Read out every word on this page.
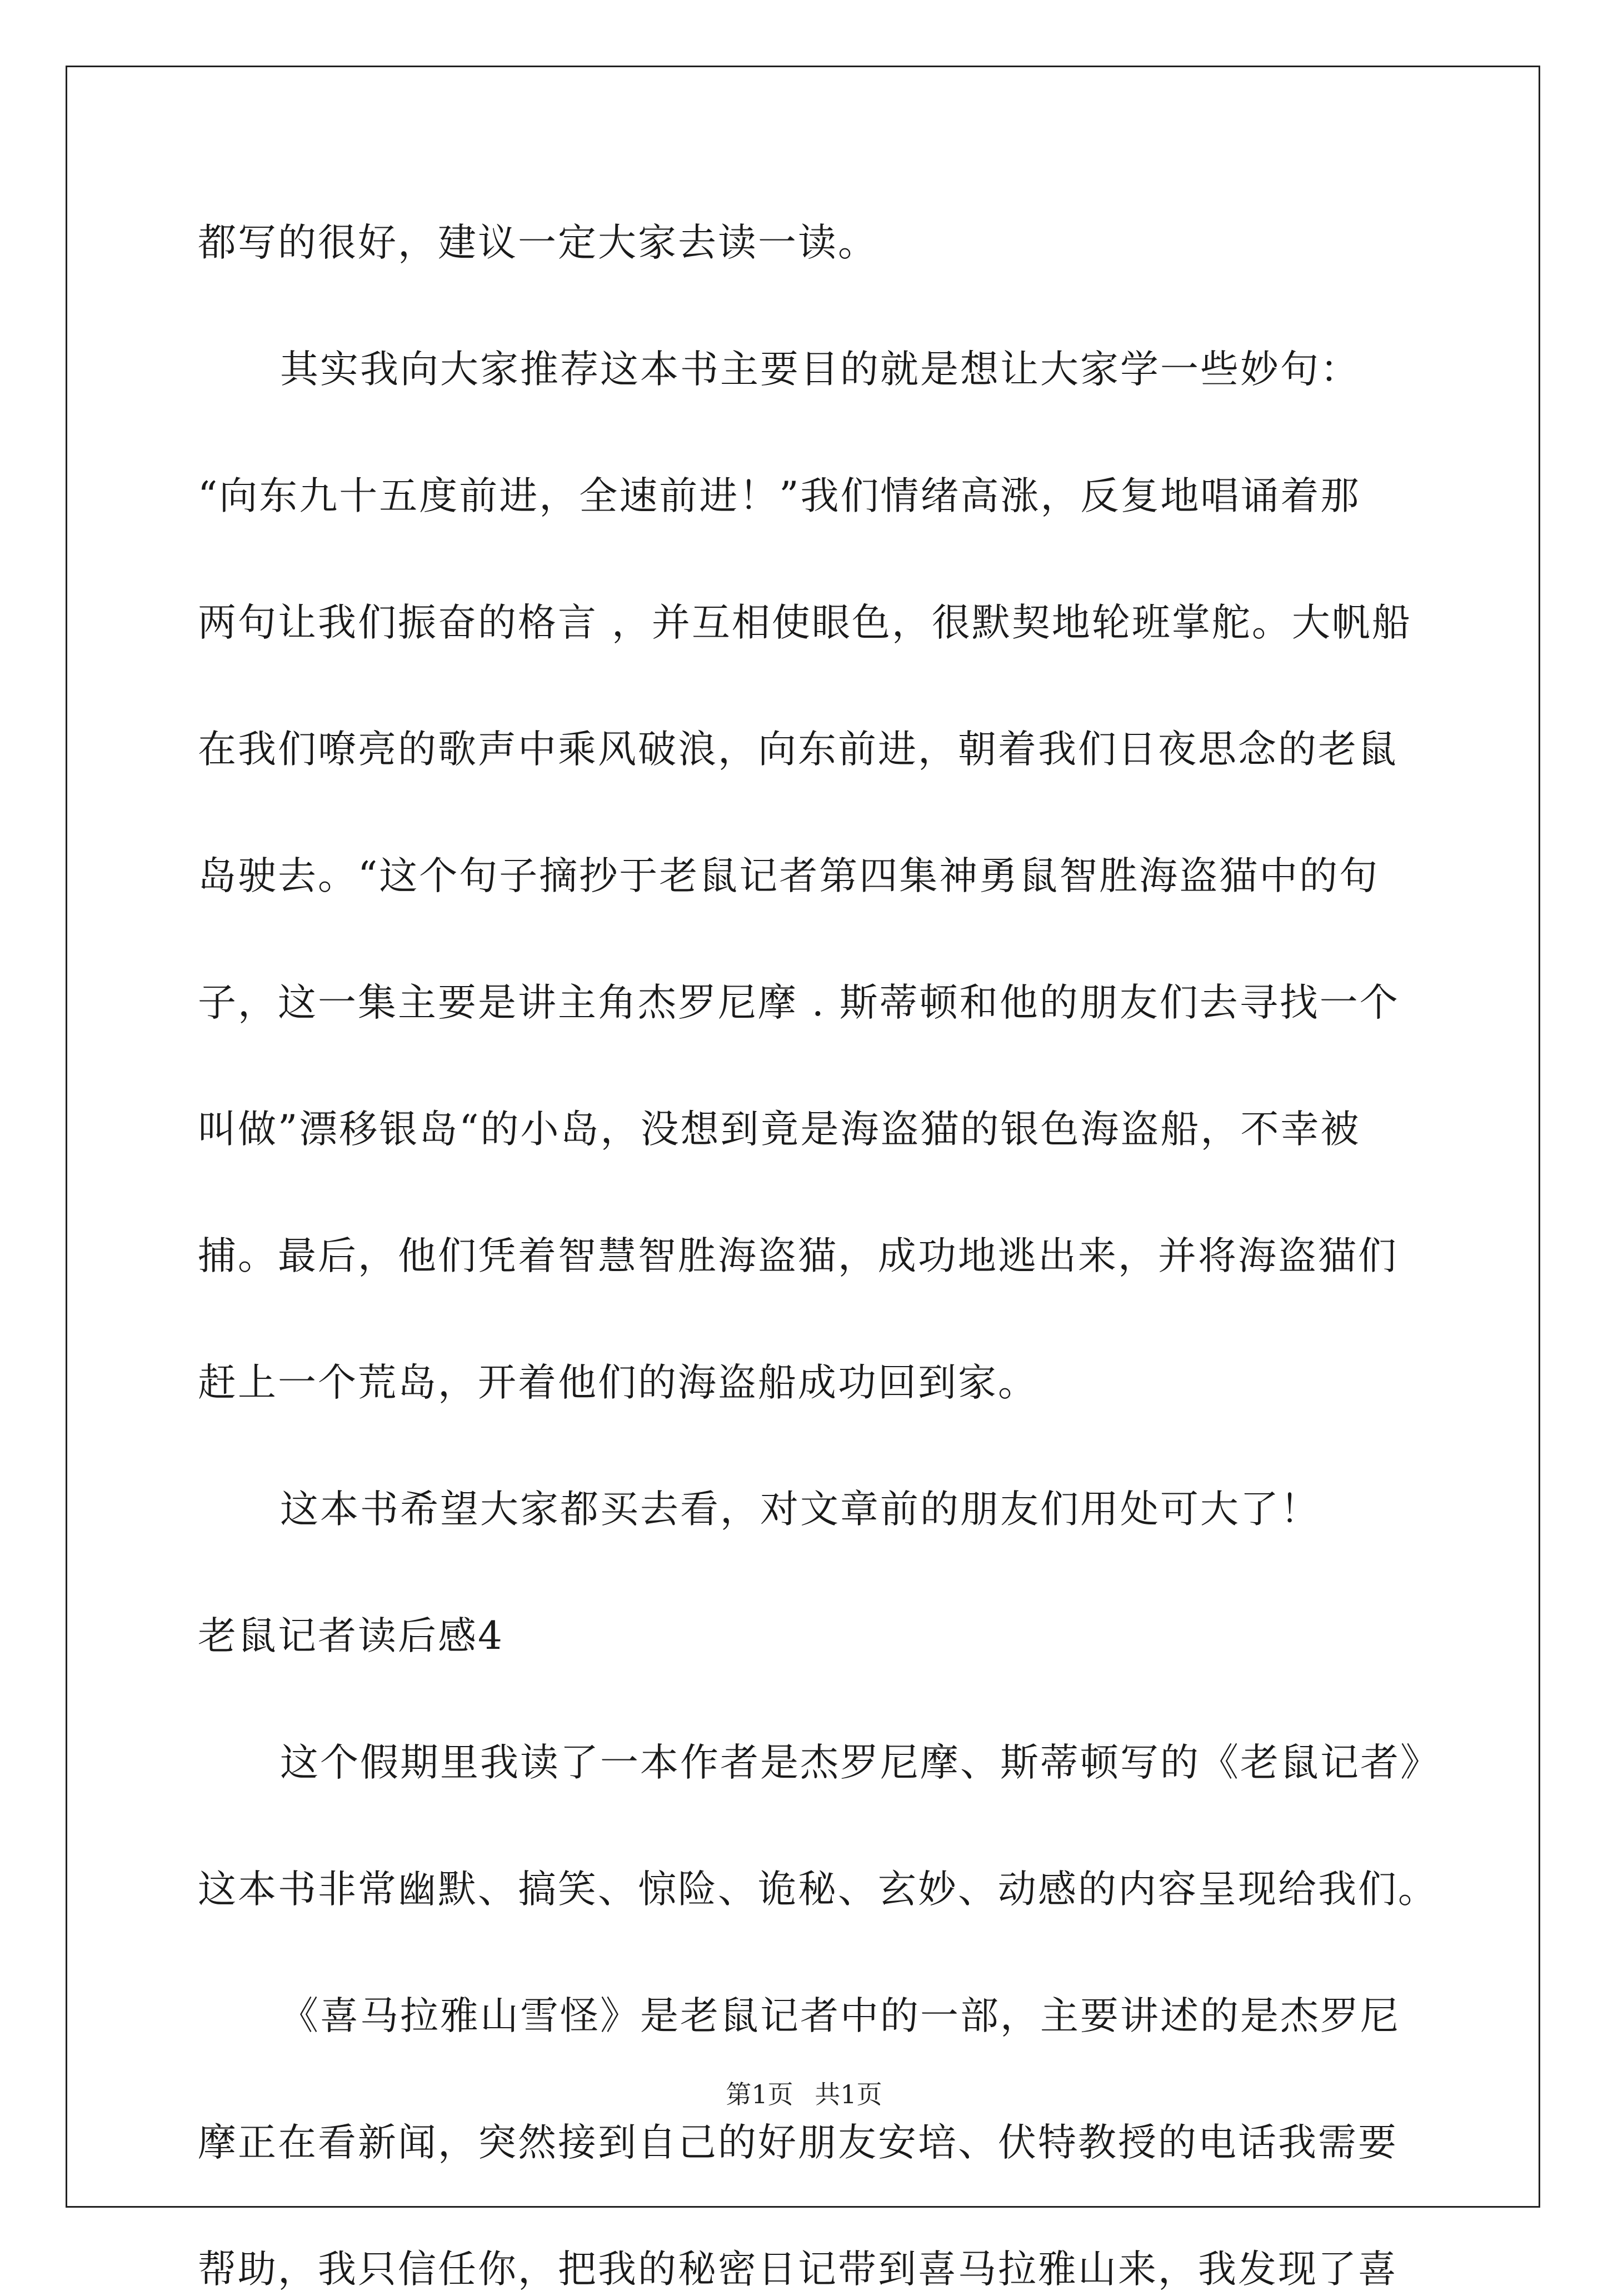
都写的很好，建议一定大家去读一读。
其实我向大家推荐这本书主要目的就是想让大家学一些妙句：
“向东九十五度前进，全速前进！”我们情绪高涨，反复地唱诵着那
两句让我们振奋的格言 ，并互相使眼色，很默契地轮班掌舵。大帆船
在我们嘹亮的歌声中乘风破浪，向东前进，朝着我们日夜思念的老鼠
岛驶去。“这个句子摘抄于老鼠记者第四集神勇鼠智胜海盗猫中的句
子，这一集主要是讲主角杰罗尼摩 . 斯蒂顿和他的朋友们去寻找一个
叫做”漂移银岛“的小岛，没想到竟是海盗猫的银色海盗船，不幸被
捕。最后，他们凭着智慧智胜海盗猫，成功地逃出来，并将海盗猫们
赶上一个荒岛，开着他们的海盗船成功回到家。
这本书希望大家都买去看，对文章前的朋友们用处可大了！
老鼠记者读后感4
这个假期里我读了一本作者是杰罗尼摩、斯蒂顿写的《老鼠记者》
这本书非常幽默、搞笑、惊险、诡秘、玄妙、动感的内容呈现给我们。
《喜马拉雅山雪怪》是老鼠记者中的一部，主要讲述的是杰罗尼
摩正在看新闻，突然接到自己的好朋友安培、伏特教授的电话我需要
帮助，我只信任你，把我的秘密日记带到喜马拉雅山来，我发现了喜
第1页 共1页
